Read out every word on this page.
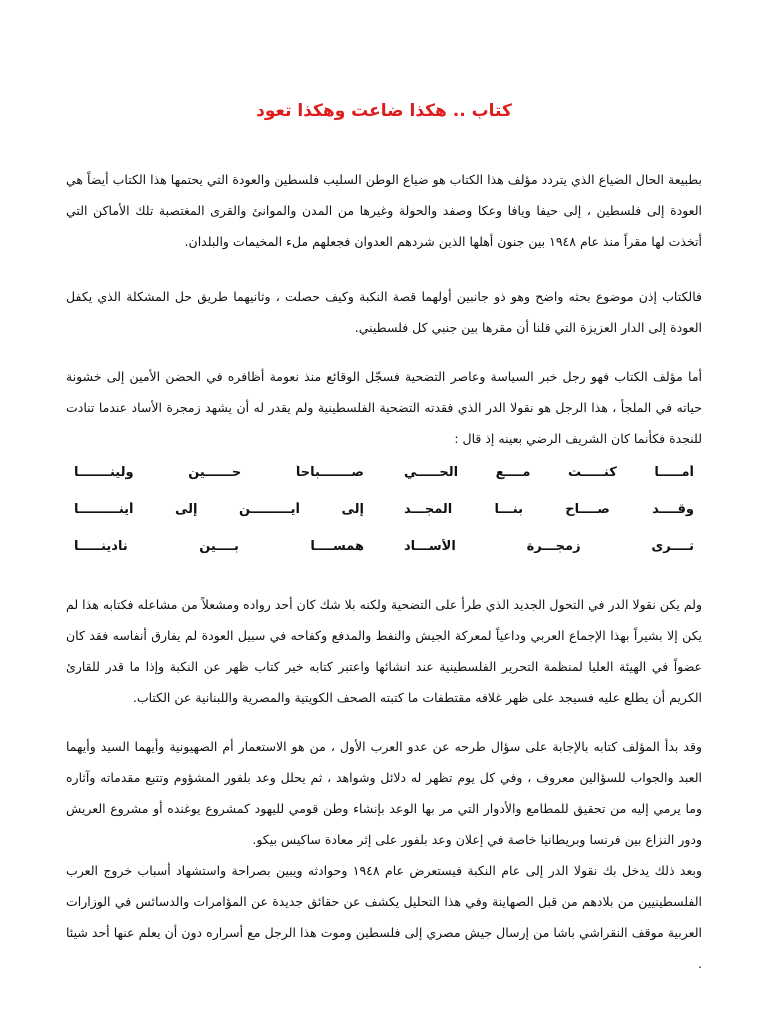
كتاب .. هكذا ضاعت وهكذا تعود

بطبيعة الحال الضياع الذي يتردد مؤلف هذا الكتاب هو ضياع الوطن السليب فلسطين والعودة التي يحتمها هذا الكتاب أيضاً هي العودة إلى فلسطين ، إلى حيفا ويافا وعكا وصفد والحولة وغيرها من المدن والموانئ والقرى المغتصبة تلك الأماكن التي أتخذت لها مقراً منذ عام ١٩٤٨ بين جنون أهلها الذين شردهم العدوان فجعلهم ملء المخيمات والبلدان.

فالكتاب إذن موضوع بحثه واضح وهو ذو جانبين أولهما قصة النكبة وكيف حصلت ، وثانيهما طريق حل المشكلة الذي يكفل العودة إلى الدار العزيزة التي قلنا أن مقرها بين جنبي كل فلسطيني.

أما مؤلف الكتاب فهو رجل خبر السياسة وعاصر التضحية فسجّل الوقائع منذ نعومة أظافره في الحضن الأمين إلى خشونة حياته في الملجأ ، هذا الرجل هو نقولا الدر الذي فقدته التضحية الفلسطينية ولم يقدر له أن يشهد زمجرة الأساد عندما تنادت للنجدة فكأنما كان الشريف الرضي بعينه إذ قال :

أمـــــا كنـــــت مــــع الحـــــي
صـــــــباحاً حــــــين ولينـــــــا
وقــــد صــــاح بنـــا المجـــد
إلى أيـــــــــن إلى أينـــــــــا
تــــرى زمجـــرة الأســـاد
همســــا بــــين نادينـــــا

ولم يكن نقولا الدر في التحول الجديد الذي طرأ على التضحية ولكنه بلا شك كان أحد رواده ومشعلاً من مشاعله فكتابه هذا لم يكن إلا بشيراً بهذا الإجماع العربي وداعياً لمعركة الجيش والنفط والمدفع وكفاحه في سبيل العودة لم يفارق أنفاسه فقد كان عضواً في الهيئة العليا لمنظمة التحرير الفلسطينية عند انشائها واعتبر كتابه خير كتاب ظهر عن النكبة وإذا ما قدر للقارئ الكريم أن يطلع عليه فسيجد على ظهر غلافه مقتطفات ما كتبته الصحف الكويتية والمصرية واللبنانية عن الكتاب.

وقد بدأ المؤلف كتابه بالإجابة على سؤال طرحه عن عدو العرب الأول ، من هو الاستعمار أم الصهيونية وأيهما السيد وأيهما العبد والجواب للسؤالين معروف ، وفي كل يوم تظهر له دلائل وشواهد ، ثم يحلل وعد بلفور المشؤوم وتتبع مقدماته وآثاره وما يرمي إليه من تحقيق للمطامع والأدوار التي مر بها الوعد بإنشاء وطن قومي لليهود كمشروع يوغنده أو مشروع العريش ودور النزاع بين فرنسا وبريطانيا خاصة في إعلان وعد بلفور على إثر معادة ساكيس بيكو.

وبعد ذلك يدخل بك نقولا الدر إلى عام النكبة فيستعرض عام ١٩٤٨ وحوادثه ويبين بصراحة واستشهاد أسباب خروج العرب الفلسطينيين من بلادهم من قبل الصهاينة وفي هذا التحليل يكشف عن حقائق جديدة عن المؤامرات والدسائس في الوزارات العربية موقف النقراشي باشا من إرسال جيش مصري إلى فلسطين وموت هذا الرجل مع أسراره دون أن يعلم عنها أحد شيئا .
